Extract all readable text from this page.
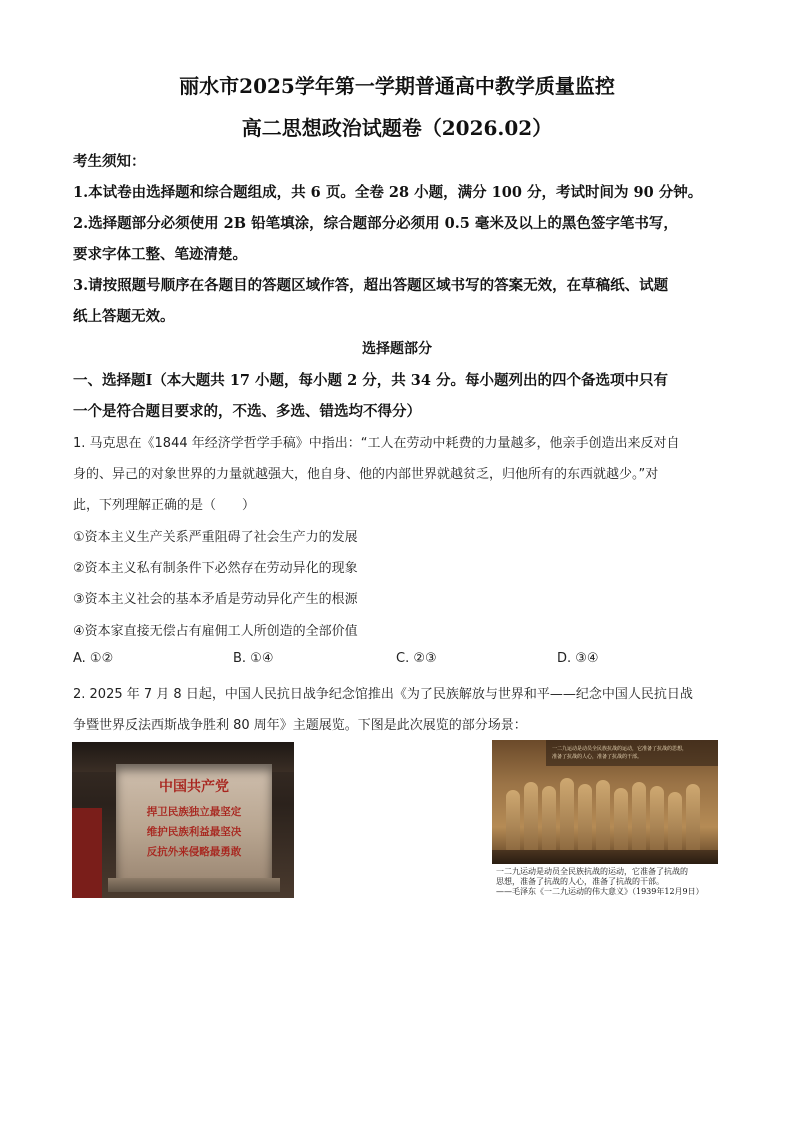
丽水市2025学年第一学期普通高中教学质量监控
高二思想政治试题卷（2026.02）
考生须知：
1.本试卷由选择题和综合题组成，共 6 页。全卷 28 小题，满分 100 分，考试时间为 90 分钟。
2.选择题部分必须使用 2B 铅笔填涂，综合题部分必须用 0.5 毫米及以上的黑色签字笔书写，
要求字体工整、笔迹清楚。
3.请按照题号顺序在各题目的答题区域作答，超出答题区域书写的答案无效，在草稿纸、试题
纸上答题无效。
选择题部分
一、选择题Ⅰ（本大题共 17 小题，每小题 2 分，共 34 分。每小题列出的四个备选项中只有
一个是符合题目要求的，不选、多选、错选均不得分）
1. 马克思在《1844 年经济学哲学手稿》中指出：“工人在劳动中耗费的力量越多，他亲手创造出来反对自
身的、异己的对象世界的力量就越强大，他自身、他的内部世界就越贫乏，归他所有的东西就越少。”对
此，下列理解正确的是（　　）
①资本主义生产关系严重阻碍了社会生产力的发展
②资本主义私有制条件下必然存在劳动异化的现象
③资本主义社会的基本矛盾是劳动异化产生的根源
④资本家直接无偿占有雇佣工人所创造的全部价值
A. ①②	B. ①④	C. ②③	D. ③④
2. 2025 年 7 月 8 日起，中国人民抗日战争纪念馆推出《为了民族解放与世界和平——纪念中国人民抗日战
争暨世界反法西斯战争胜利 80 周年》主题展览。下图是此次展览的部分场景：
中国共产党
捍卫民族独立最坚定
维护民族利益最坚决
反抗外来侵略最勇敢
一二九运动是动员全民族抗战的运动，它准备了抗战的思想，
准备了抗战的人心，准备了抗战的干部。
一二九运动是动员全民族抗战的运动，它准备了抗战的
思想，准备了抗战的人心，准备了抗战的干部。
——毛泽东《一二九运动的伟大意义》（1939年12月9日）
